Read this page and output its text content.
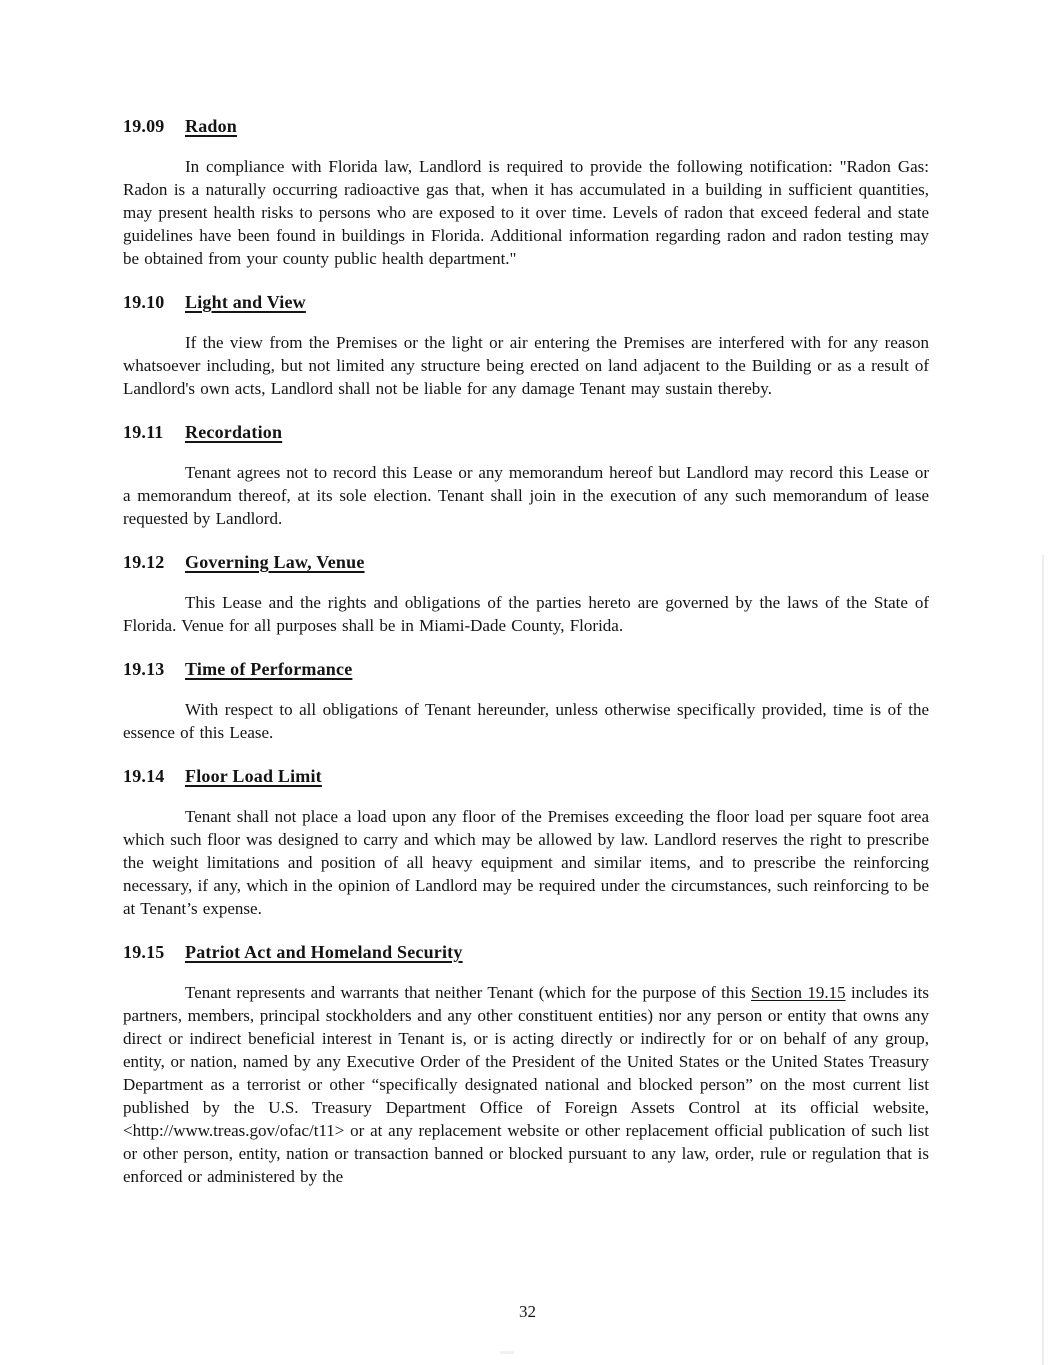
19.09	Radon

In compliance with Florida law, Landlord is required to provide the following notification: "Radon Gas: Radon is a naturally occurring radioactive gas that, when it has accumulated in a building in sufficient quantities, may present health risks to persons who are exposed to it over time. Levels of radon that exceed federal and state guidelines have been found in buildings in Florida. Additional information regarding radon and radon testing may be obtained from your county public health department."

19.10	Light and View

If the view from the Premises or the light or air entering the Premises are interfered with for any reason whatsoever including, but not limited any structure being erected on land adjacent to the Building or as a result of Landlord's own acts, Landlord shall not be liable for any damage Tenant may sustain thereby.

19.11	Recordation

Tenant agrees not to record this Lease or any memorandum hereof but Landlord may record this Lease or a memorandum thereof, at its sole election. Tenant shall join in the execution of any such memorandum of lease requested by Landlord.

19.12	Governing Law, Venue

This Lease and the rights and obligations of the parties hereto are governed by the laws of the State of Florida. Venue for all purposes shall be in Miami-Dade County, Florida.

19.13	Time of Performance

With respect to all obligations of Tenant hereunder, unless otherwise specifically provided, time is of the essence of this Lease.

19.14	Floor Load Limit

Tenant shall not place a load upon any floor of the Premises exceeding the floor load per square foot area which such floor was designed to carry and which may be allowed by law. Landlord reserves the right to prescribe the weight limitations and position of all heavy equipment and similar items, and to prescribe the reinforcing necessary, if any, which in the opinion of Landlord may be required under the circumstances, such reinforcing to be at Tenant’s expense.

19.15	Patriot Act and Homeland Security

Tenant represents and warrants that neither Tenant (which for the purpose of this Section 19.15 includes its partners, members, principal stockholders and any other constituent entities) nor any person or entity that owns any direct or indirect beneficial interest in Tenant is, or is acting directly or indirectly for or on behalf of any group, entity, or nation, named by any Executive Order of the President of the United States or the United States Treasury Department as a terrorist or other “specifically designated national and blocked person” on the most current list published by the U.S. Treasury Department Office of Foreign Assets Control at its official website, <http://www.treas.gov/ofac/t11> or at any replacement website or other replacement official publication of such list or other person, entity, nation or transaction banned or blocked pursuant to any law, order, rule or regulation that is enforced or administered by the

32
